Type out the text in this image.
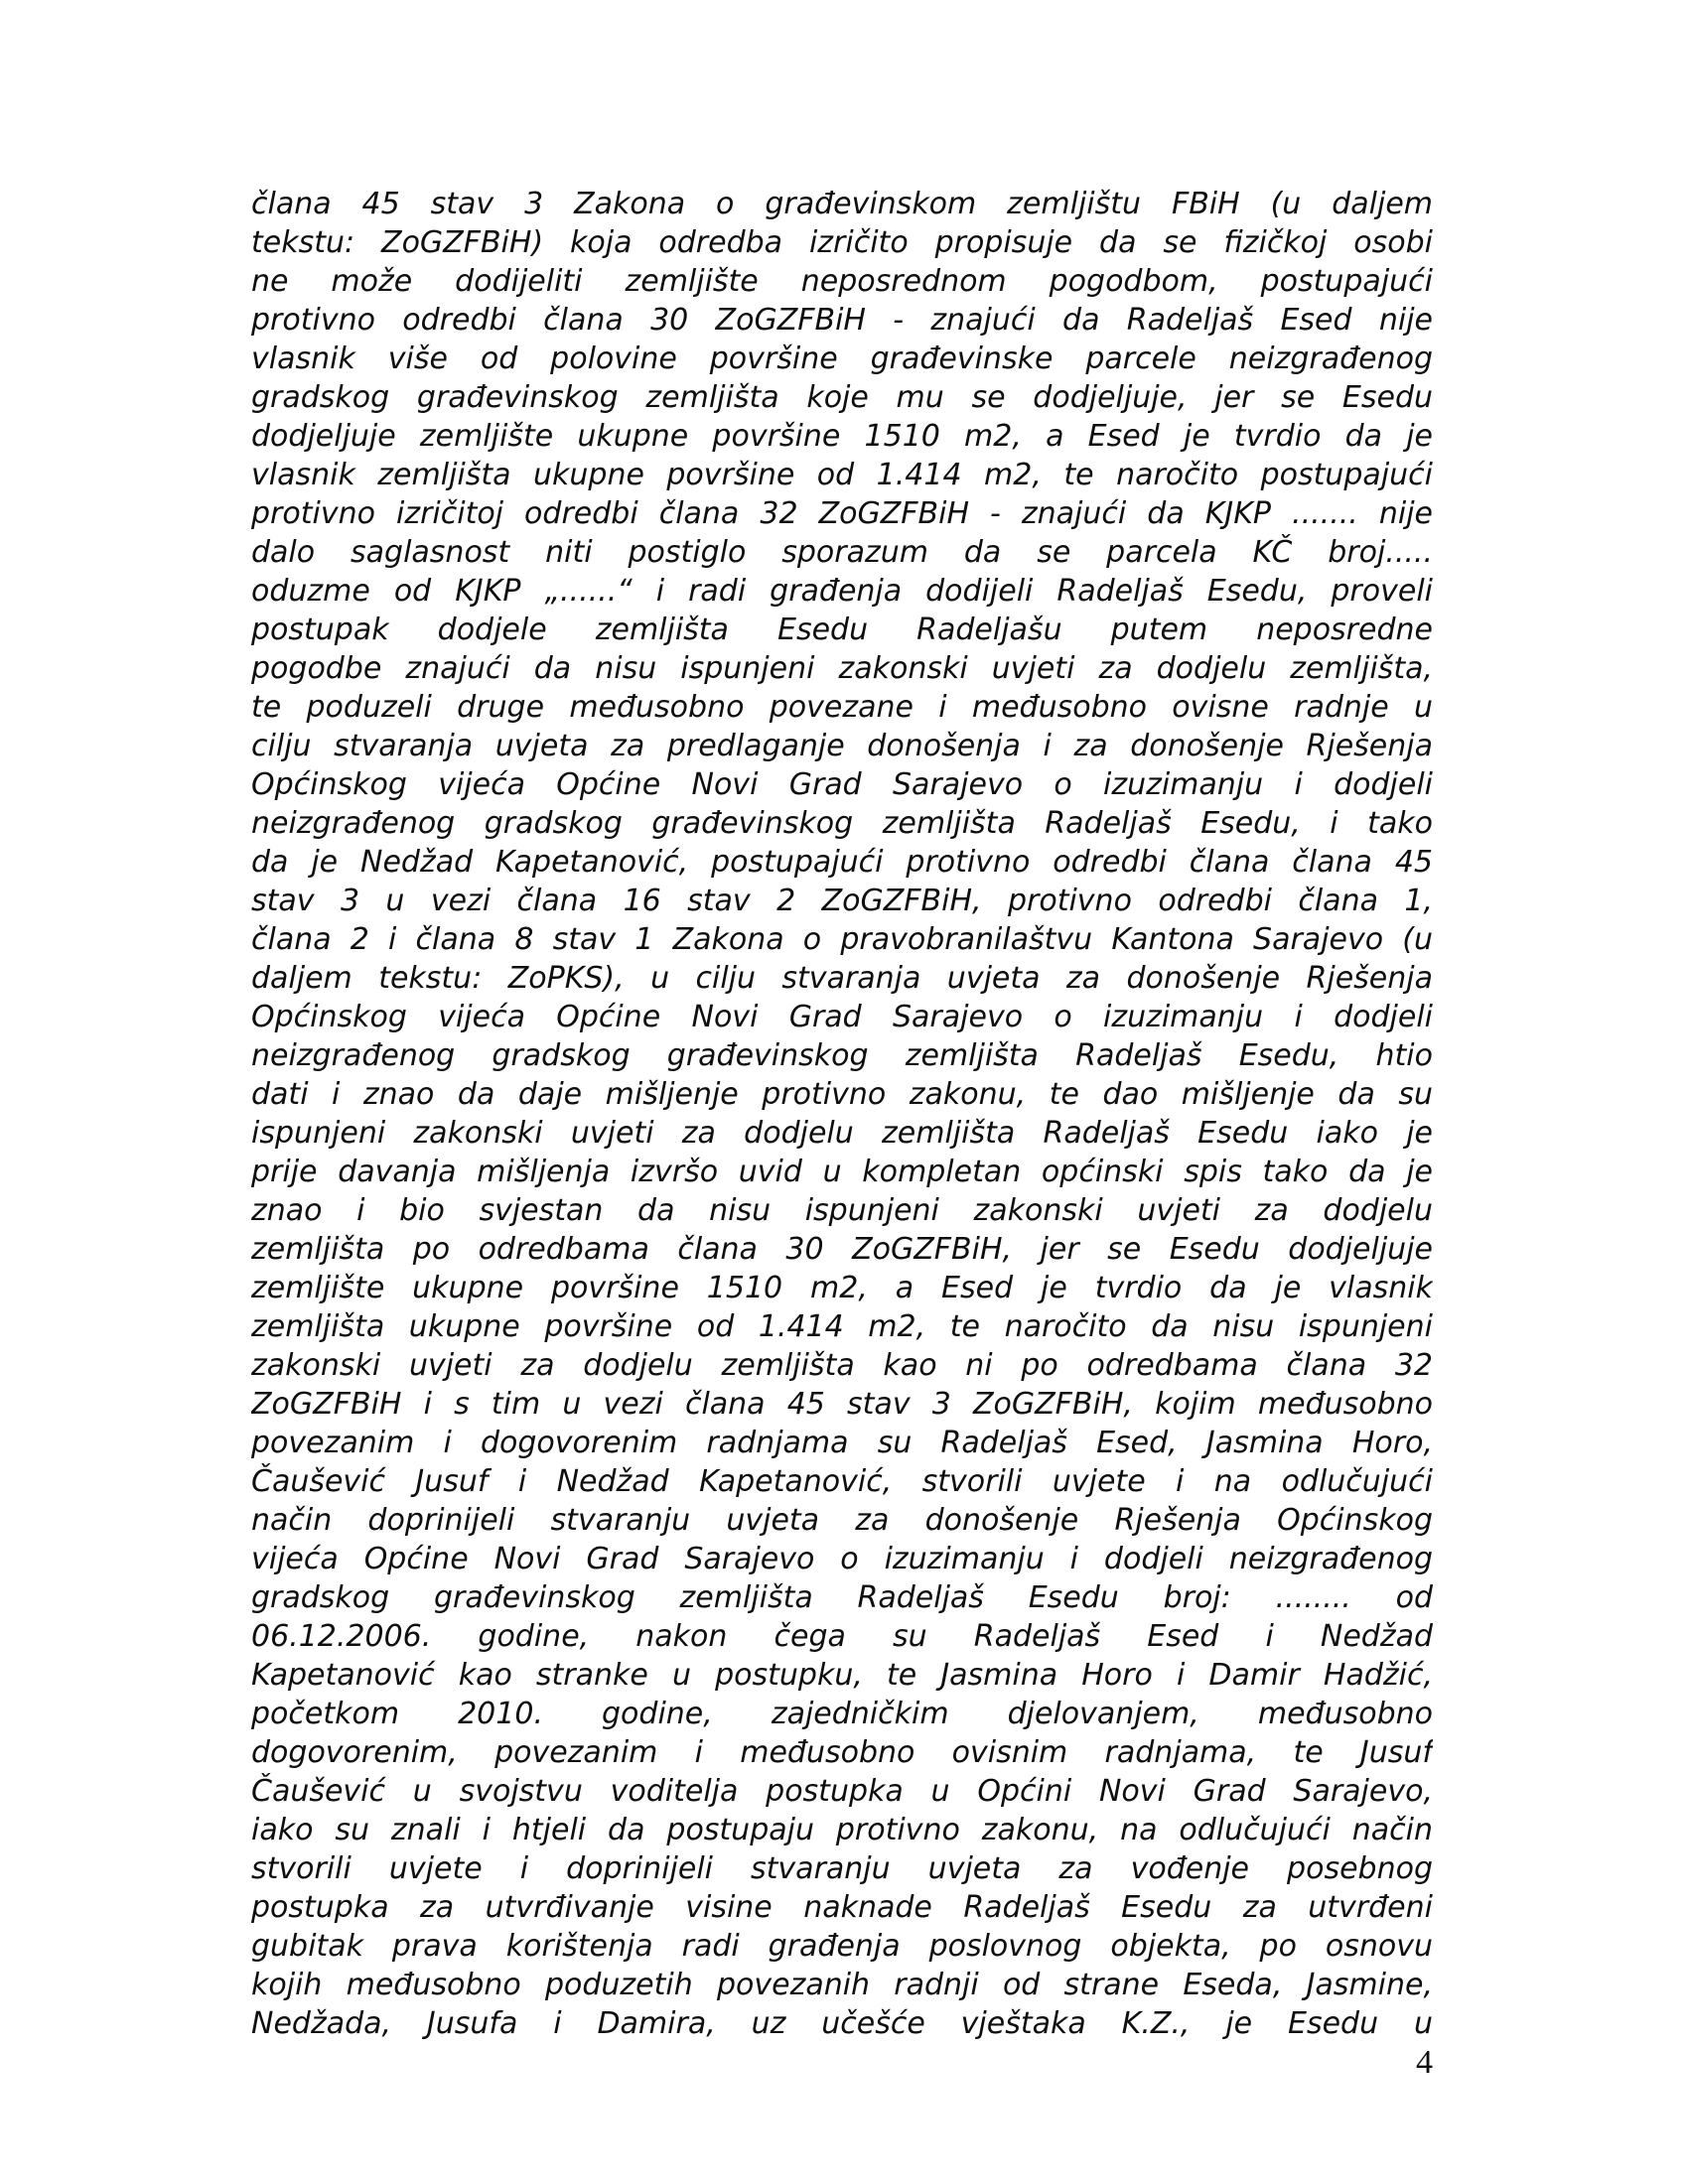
člana 45 stav 3 Zakona o građevinskom zemljištu FBiH (u daljem
tekstu: ZoGZFBiH) koja odredba izričito propisuje da se fizičkoj osobi
ne može dodijeliti zemljište neposrednom pogodbom, postupajući
protivno odredbi člana 30 ZoGZFBiH - znajući da Radeljaš Esed nije
vlasnik više od polovine površine građevinske parcele neizgrađenog
gradskog građevinskog zemljišta koje mu se dodjeljuje, jer se Esedu
dodjeljuje zemljište ukupne površine 1510 m2, a Esed je tvrdio da je
vlasnik zemljišta ukupne površine od 1.414 m2, te naročito postupajući
protivno izričitoj odredbi člana 32 ZoGZFBiH - znajući da KJKP ....... nije
dalo saglasnost niti postiglo sporazum da se parcela KČ broj.....
oduzme od KJKP „......“ i radi građenja dodijeli Radeljaš Esedu, proveli
postupak dodjele zemljišta Esedu Radeljašu putem neposredne
pogodbe znajući da nisu ispunjeni zakonski uvjeti za dodjelu zemljišta,
te poduzeli druge međusobno povezane i međusobno ovisne radnje u
cilju stvaranja uvjeta za predlaganje donošenja i za donošenje Rješenja
Općinskog vijeća Općine Novi Grad Sarajevo o izuzimanju i dodjeli
neizgrađenog gradskog građevinskog zemljišta Radeljaš Esedu, i tako
da je Nedžad Kapetanović, postupajući protivno odredbi člana člana 45
stav 3 u vezi člana 16 stav 2 ZoGZFBiH, protivno odredbi člana 1,
člana 2 i člana 8 stav 1 Zakona o pravobranilaštvu Kantona Sarajevo (u
daljem tekstu: ZoPKS), u cilju stvaranja uvjeta za donošenje Rješenja
Općinskog vijeća Općine Novi Grad Sarajevo o izuzimanju i dodjeli
neizgrađenog gradskog građevinskog zemljišta Radeljaš Esedu, htio
dati i znao da daje mišljenje protivno zakonu, te dao mišljenje da su
ispunjeni zakonski uvjeti za dodjelu zemljišta Radeljaš Esedu iako je
prije davanja mišljenja izvršo uvid u kompletan općinski spis tako da je
znao i bio svjestan da nisu ispunjeni zakonski uvjeti za dodjelu
zemljišta po odredbama člana 30 ZoGZFBiH, jer se Esedu dodjeljuje
zemljište ukupne površine 1510 m2, a Esed je tvrdio da je vlasnik
zemljišta ukupne površine od 1.414 m2, te naročito da nisu ispunjeni
zakonski uvjeti za dodjelu zemljišta kao ni po odredbama člana 32
ZoGZFBiH i s tim u vezi člana 45 stav 3 ZoGZFBiH, kojim međusobno
povezanim i dogovorenim radnjama su Radeljaš Esed, Jasmina Horo,
Čaušević Jusuf i Nedžad Kapetanović, stvorili uvjete i na odlučujući
način doprinijeli stvaranju uvjeta za donošenje Rješenja Općinskog
vijeća Općine Novi Grad Sarajevo o izuzimanju i dodjeli neizgrađenog
gradskog građevinskog zemljišta Radeljaš Esedu broj: ........ od
06.12.2006. godine, nakon čega su Radeljaš Esed i Nedžad
Kapetanović kao stranke u postupku, te Jasmina Horo i Damir Hadžić,
početkom 2010. godine, zajedničkim djelovanjem, međusobno
dogovorenim, povezanim i međusobno ovisnim radnjama, te Jusuf
Čaušević u svojstvu voditelja postupka u Općini Novi Grad Sarajevo,
iako su znali i htjeli da postupaju protivno zakonu, na odlučujući način
stvorili uvjete i doprinijeli stvaranju uvjeta za vođenje posebnog
postupka za utvrđivanje visine naknade Radeljaš Esedu za utvrđeni
gubitak prava korištenja radi građenja poslovnog objekta, po osnovu
kojih međusobno poduzetih povezanih radnji od strane Eseda, Jasmine,
Nedžada, Jusufa i Damira, uz učešće vještaka K.Z., je Esedu u
4
